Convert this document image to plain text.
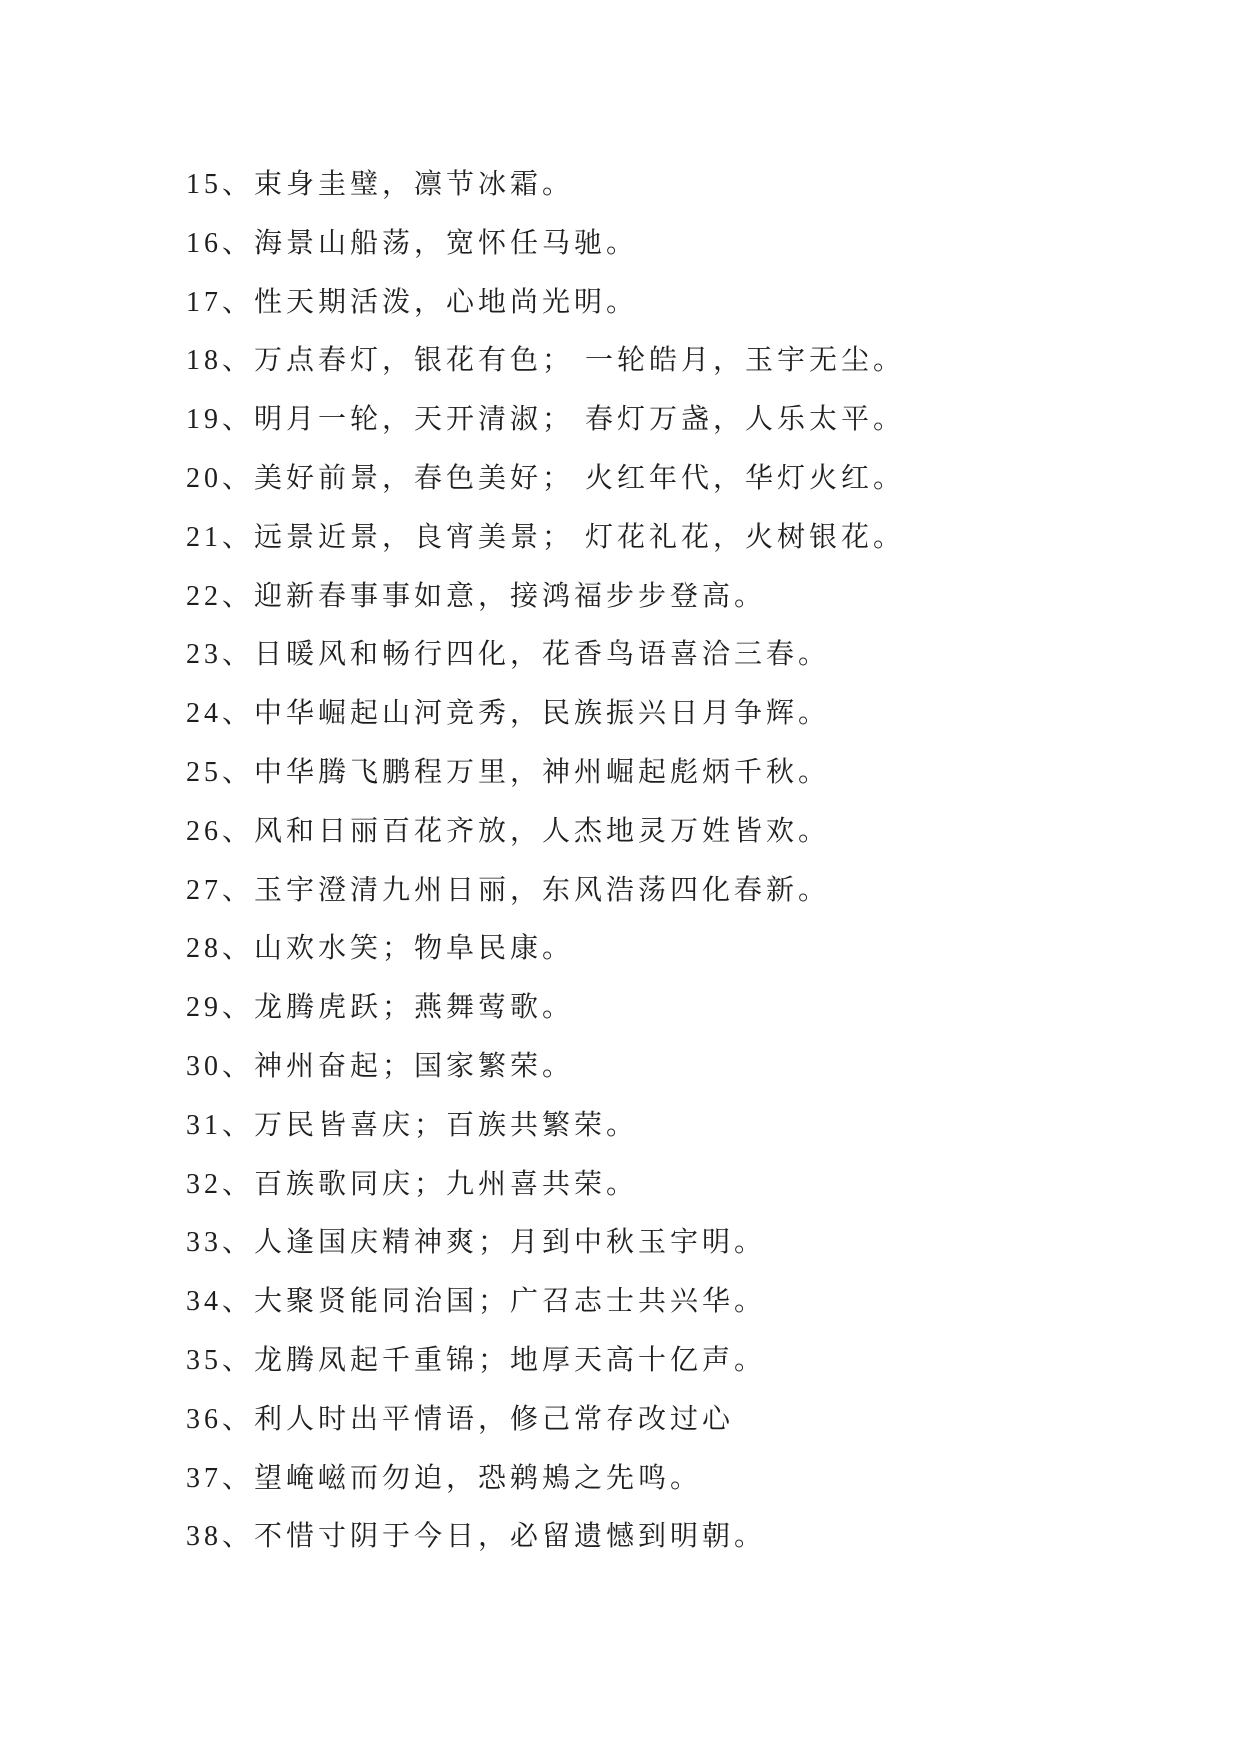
15、束身圭璧，凛节冰霜。
16、海景山船荡，宽怀任马驰。
17、性天期活泼，心地尚光明。
18、万点春灯，银花有色； 一轮皓月，玉宇无尘。
19、明月一轮，天开清淑； 春灯万盏，人乐太平。
20、美好前景，春色美好； 火红年代，华灯火红。
21、远景近景，良宵美景； 灯花礼花，火树银花。
22、迎新春事事如意，接鸿福步步登高。
23、日暖风和畅行四化，花香鸟语喜洽三春。
24、中华崛起山河竞秀，民族振兴日月争辉。
25、中华腾飞鹏程万里，神州崛起彪炳千秋。
26、风和日丽百花齐放，人杰地灵万姓皆欢。
27、玉宇澄清九州日丽，东风浩荡四化春新。
28、山欢水笑；物阜民康。
29、龙腾虎跃；燕舞莺歌。
30、神州奋起；国家繁荣。
31、万民皆喜庆；百族共繁荣。
32、百族歌同庆；九州喜共荣。
33、人逢国庆精神爽；月到中秋玉宇明。
34、大聚贤能同治国；广召志士共兴华。
35、龙腾凤起千重锦；地厚天高十亿声。
36、利人时出平情语，修己常存改过心
37、望崦嵫而勿迫，恐鹈鴂之先鸣。
38、不惜寸阴于今日，必留遗憾到明朝。
